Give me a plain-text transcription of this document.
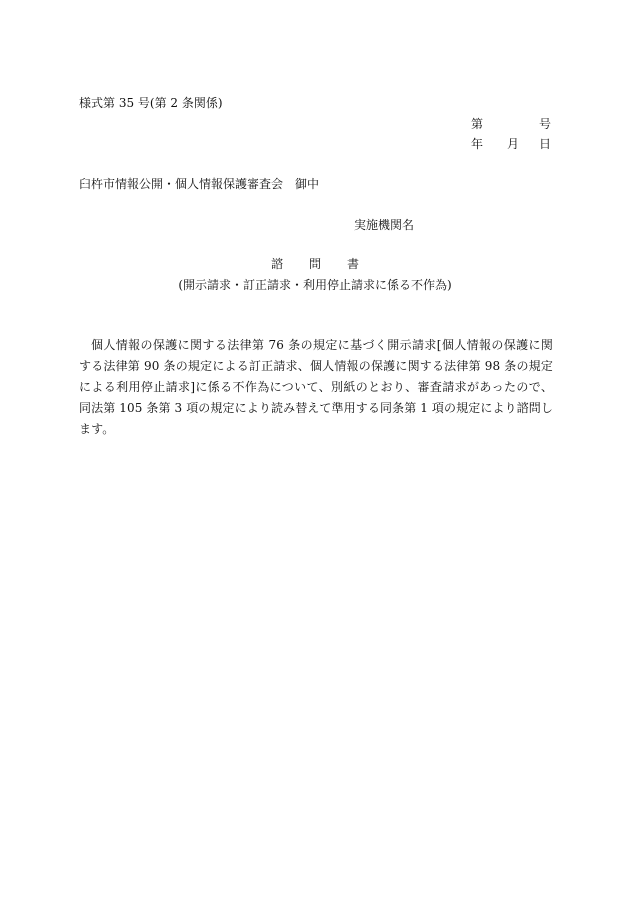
様式第 35 号(第 2 条関係)
第	号
年 月 日
臼杵市情報公開・個人情報保護審査会 御中
実施機関名
諮 問 書
(開示請求・訂正請求・利用停止請求に係る不作為)
個人情報の保護に関する法律第 76 条の規定に基づく開示請求[個人情報の保護に関する法律第 90 条の規定による訂正請求、個人情報の保護に関する法律第 98 条の規定による利用停止請求]に係る不作為について、別紙のとおり、審査請求があったので、同法第 105 条第 3 項の規定により読み替えて準用する同条第 1 項の規定により諮問します。
